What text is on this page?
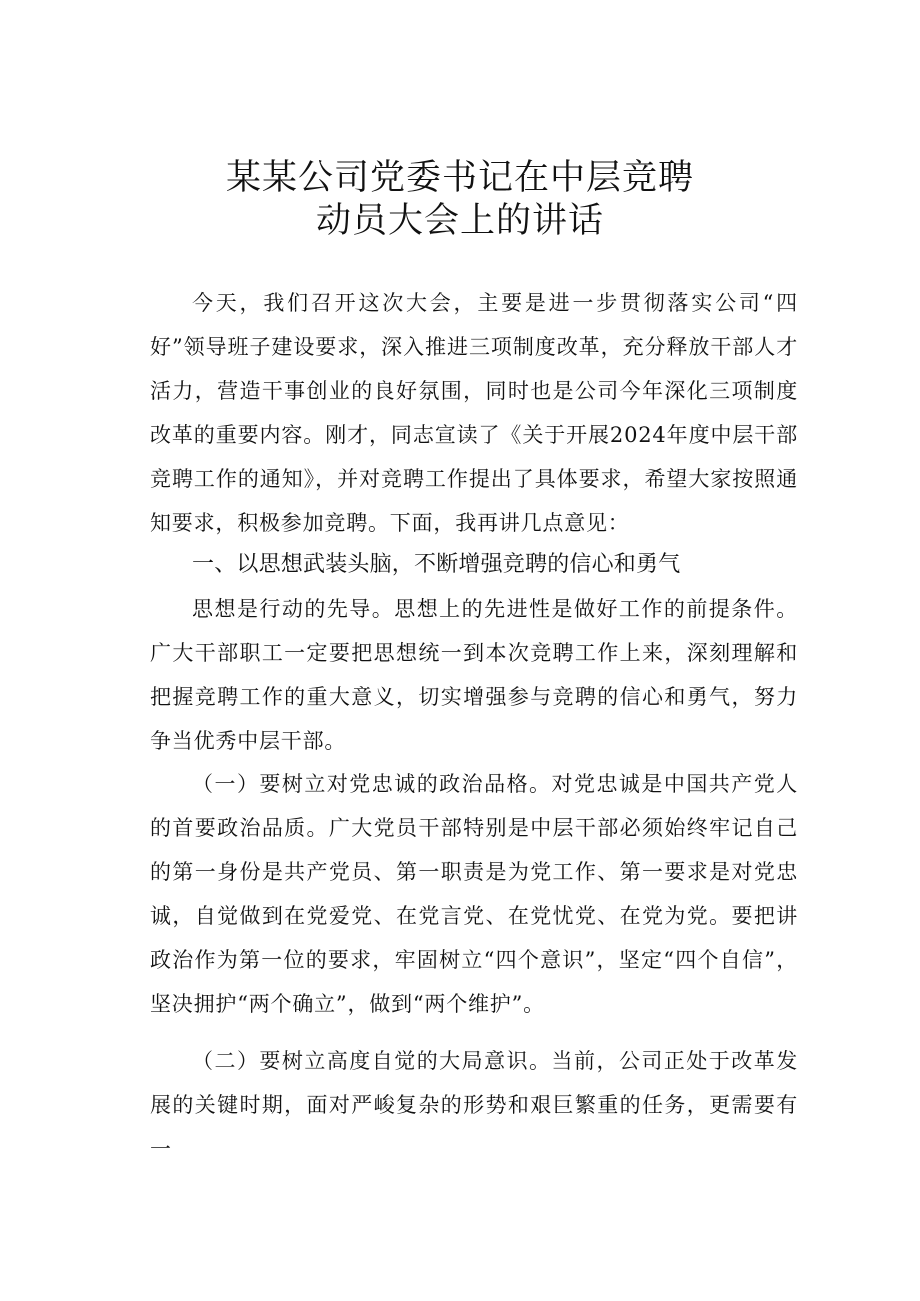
某某公司党委书记在中层竞聘
动员大会上的讲话

今天，我们召开这次大会，主要是进一步贯彻落实公司“四好”领导班子建设要求，深入推进三项制度改革，充分释放干部人才活力，营造干事创业的良好氛围，同时也是公司今年深化三项制度改革的重要内容。刚才，同志宣读了《关于开展2024年度中层干部竞聘工作的通知》，并对竞聘工作提出了具体要求，希望大家按照通知要求，积极参加竞聘。下面，我再讲几点意见：

一、以思想武装头脑，不断增强竞聘的信心和勇气

思想是行动的先导。思想上的先进性是做好工作的前提条件。广大干部职工一定要把思想统一到本次竞聘工作上来，深刻理解和把握竞聘工作的重大意义，切实增强参与竞聘的信心和勇气，努力争当优秀中层干部。

（一）要树立对党忠诚的政治品格。对党忠诚是中国共产党人的首要政治品质。广大党员干部特别是中层干部必须始终牢记自己的第一身份是共产党员、第一职责是为党工作、第一要求是对党忠诚，自觉做到在党爱党、在党言党、在党忧党、在党为党。要把讲政治作为第一位的要求，牢固树立“四个意识”，坚定“四个自信”，坚决拥护“两个确立”，做到“两个维护”。

（二）要树立高度自觉的大局意识。当前，公司正处于改革发展的关键时期，面对严峻复杂的形势和艰巨繁重的任务，更需要有一
